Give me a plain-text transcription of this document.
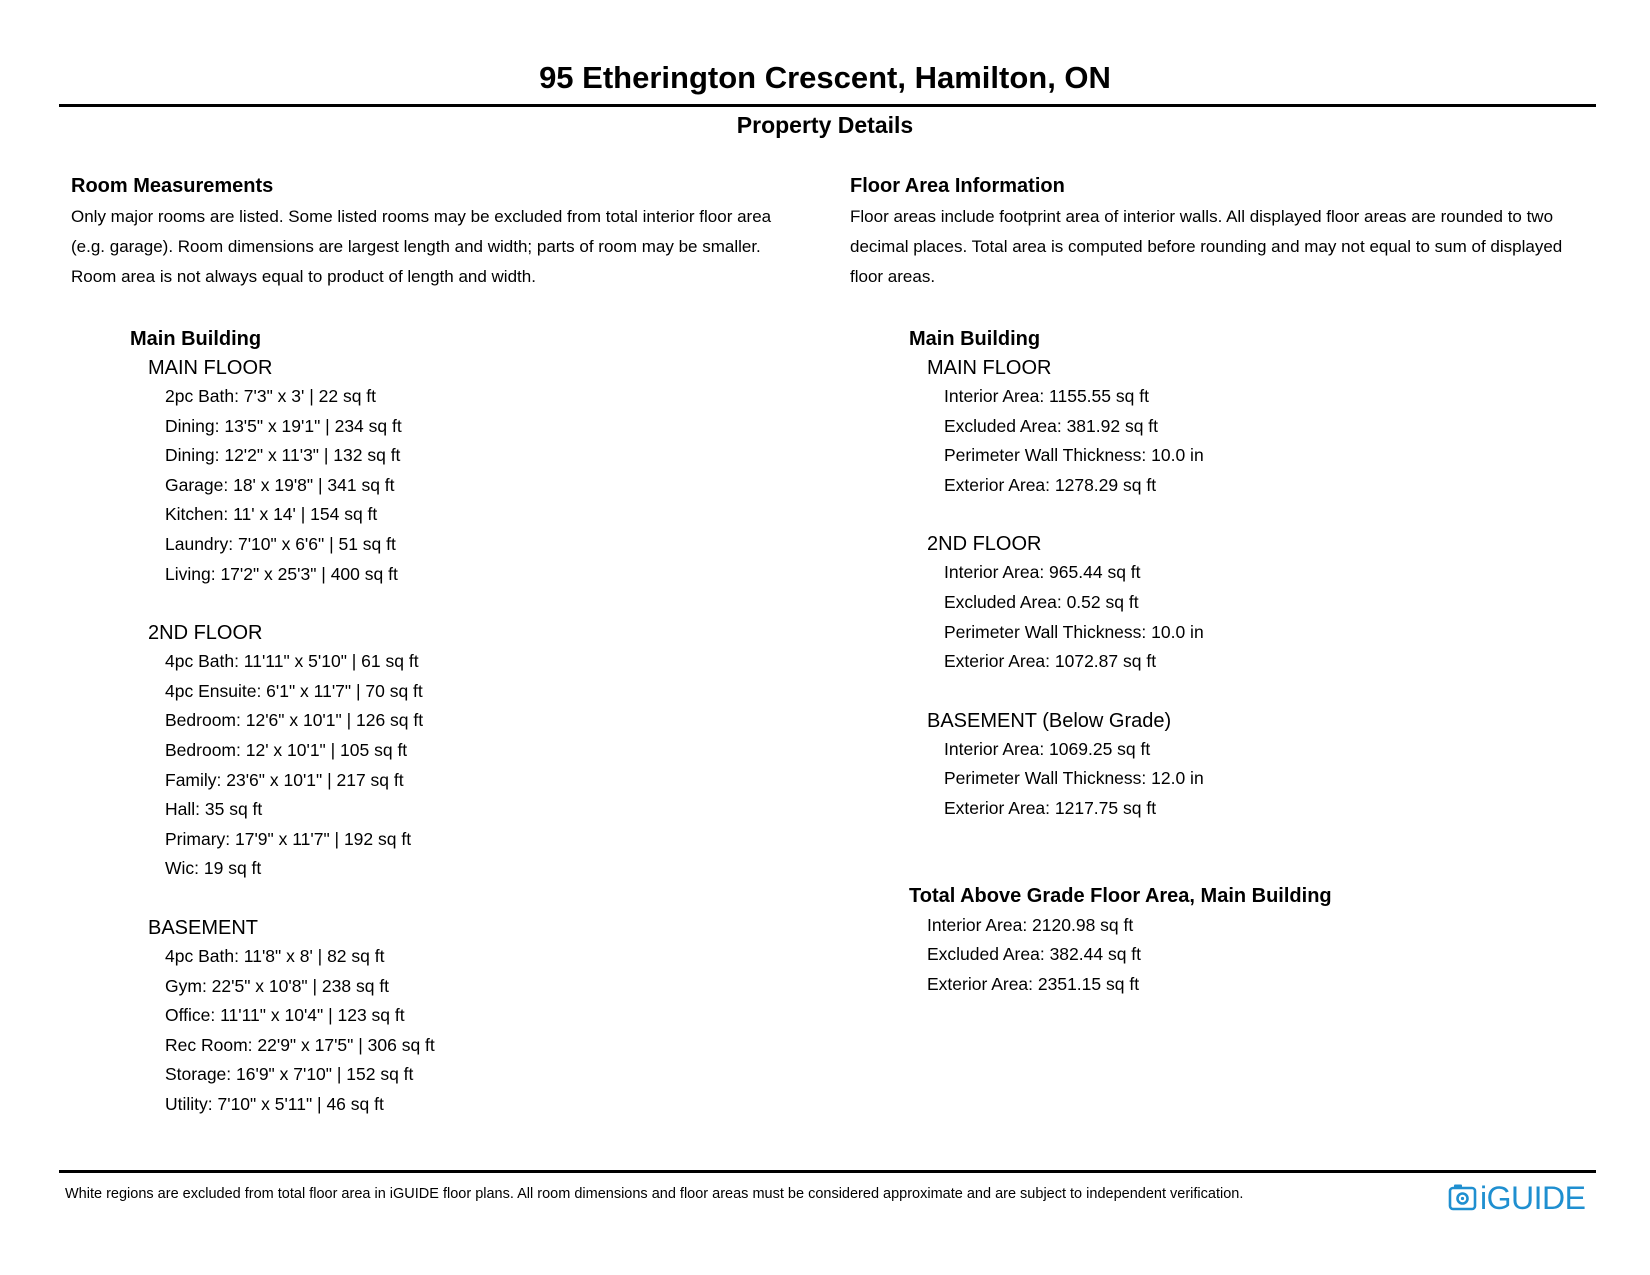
95 Etherington Crescent, Hamilton, ON
Property Details
Room Measurements
Only major rooms are listed. Some listed rooms may be excluded from total interior floor area
(e.g. garage). Room dimensions are largest length and width; parts of room may be smaller.
Room area is not always equal to product of length and width.
Main Building
MAIN FLOOR
2pc Bath: 7'3" x 3' | 22 sq ft
Dining: 13'5" x 19'1" | 234 sq ft
Dining: 12'2" x 11'3" | 132 sq ft
Garage: 18' x 19'8" | 341 sq ft
Kitchen: 11' x 14' | 154 sq ft
Laundry: 7'10" x 6'6" | 51 sq ft
Living: 17'2" x 25'3" | 400 sq ft
2ND FLOOR
4pc Bath: 11'11" x 5'10" | 61 sq ft
4pc Ensuite: 6'1" x 11'7" | 70 sq ft
Bedroom: 12'6" x 10'1" | 126 sq ft
Bedroom: 12' x 10'1" | 105 sq ft
Family: 23'6" x 10'1" | 217 sq ft
Hall: 35 sq ft
Primary: 17'9" x 11'7" | 192 sq ft
Wic: 19 sq ft
BASEMENT
4pc Bath: 11'8" x 8' | 82 sq ft
Gym: 22'5" x 10'8" | 238 sq ft
Office: 11'11" x 10'4" | 123 sq ft
Rec Room: 22'9" x 17'5" | 306 sq ft
Storage: 16'9" x 7'10" | 152 sq ft
Utility: 7'10" x 5'11" | 46 sq ft
Floor Area Information
Floor areas include footprint area of interior walls. All displayed floor areas are rounded to two
decimal places. Total area is computed before rounding and may not equal to sum of displayed
floor areas.
Main Building
MAIN FLOOR
Interior Area: 1155.55 sq ft
Excluded Area: 381.92 sq ft
Perimeter Wall Thickness: 10.0 in
Exterior Area: 1278.29 sq ft
2ND FLOOR
Interior Area: 965.44 sq ft
Excluded Area: 0.52 sq ft
Perimeter Wall Thickness: 10.0 in
Exterior Area: 1072.87 sq ft
BASEMENT (Below Grade)
Interior Area: 1069.25 sq ft
Perimeter Wall Thickness: 12.0 in
Exterior Area: 1217.75 sq ft
Total Above Grade Floor Area, Main Building
Interior Area: 2120.98 sq ft
Excluded Area: 382.44 sq ft
Exterior Area: 2351.15 sq ft
White regions are excluded from total floor area in iGUIDE floor plans. All room dimensions and floor areas must be considered approximate and are subject to independent verification.	iGUIDE
